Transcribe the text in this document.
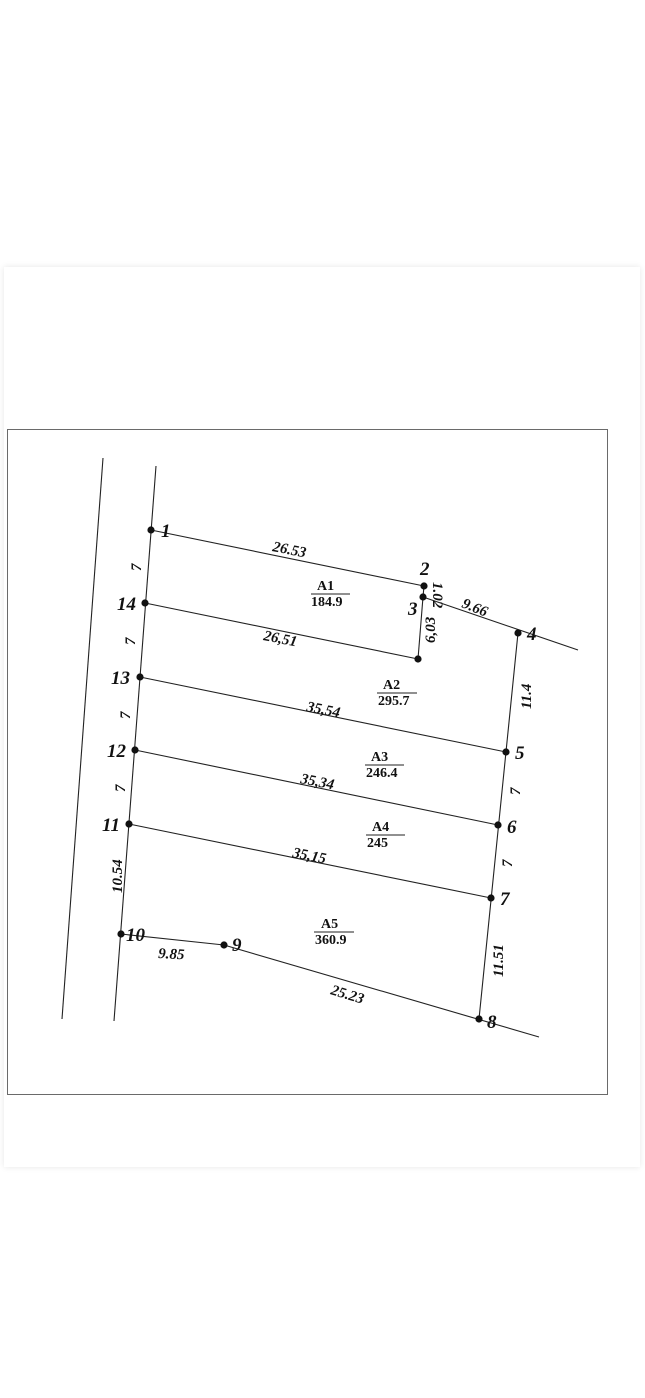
1
2
3
4
5
6
7
8
9
10
11
12
13
14
26.53
1.02 9.66
26,51	6,03
11.4
35,54
35,34
35,15
7
7
11.51
25.23
9.85
10.54
7
7
7
7
A1
184.9
A2
295.7
A3
246.4
A4
245
A5
360.9
